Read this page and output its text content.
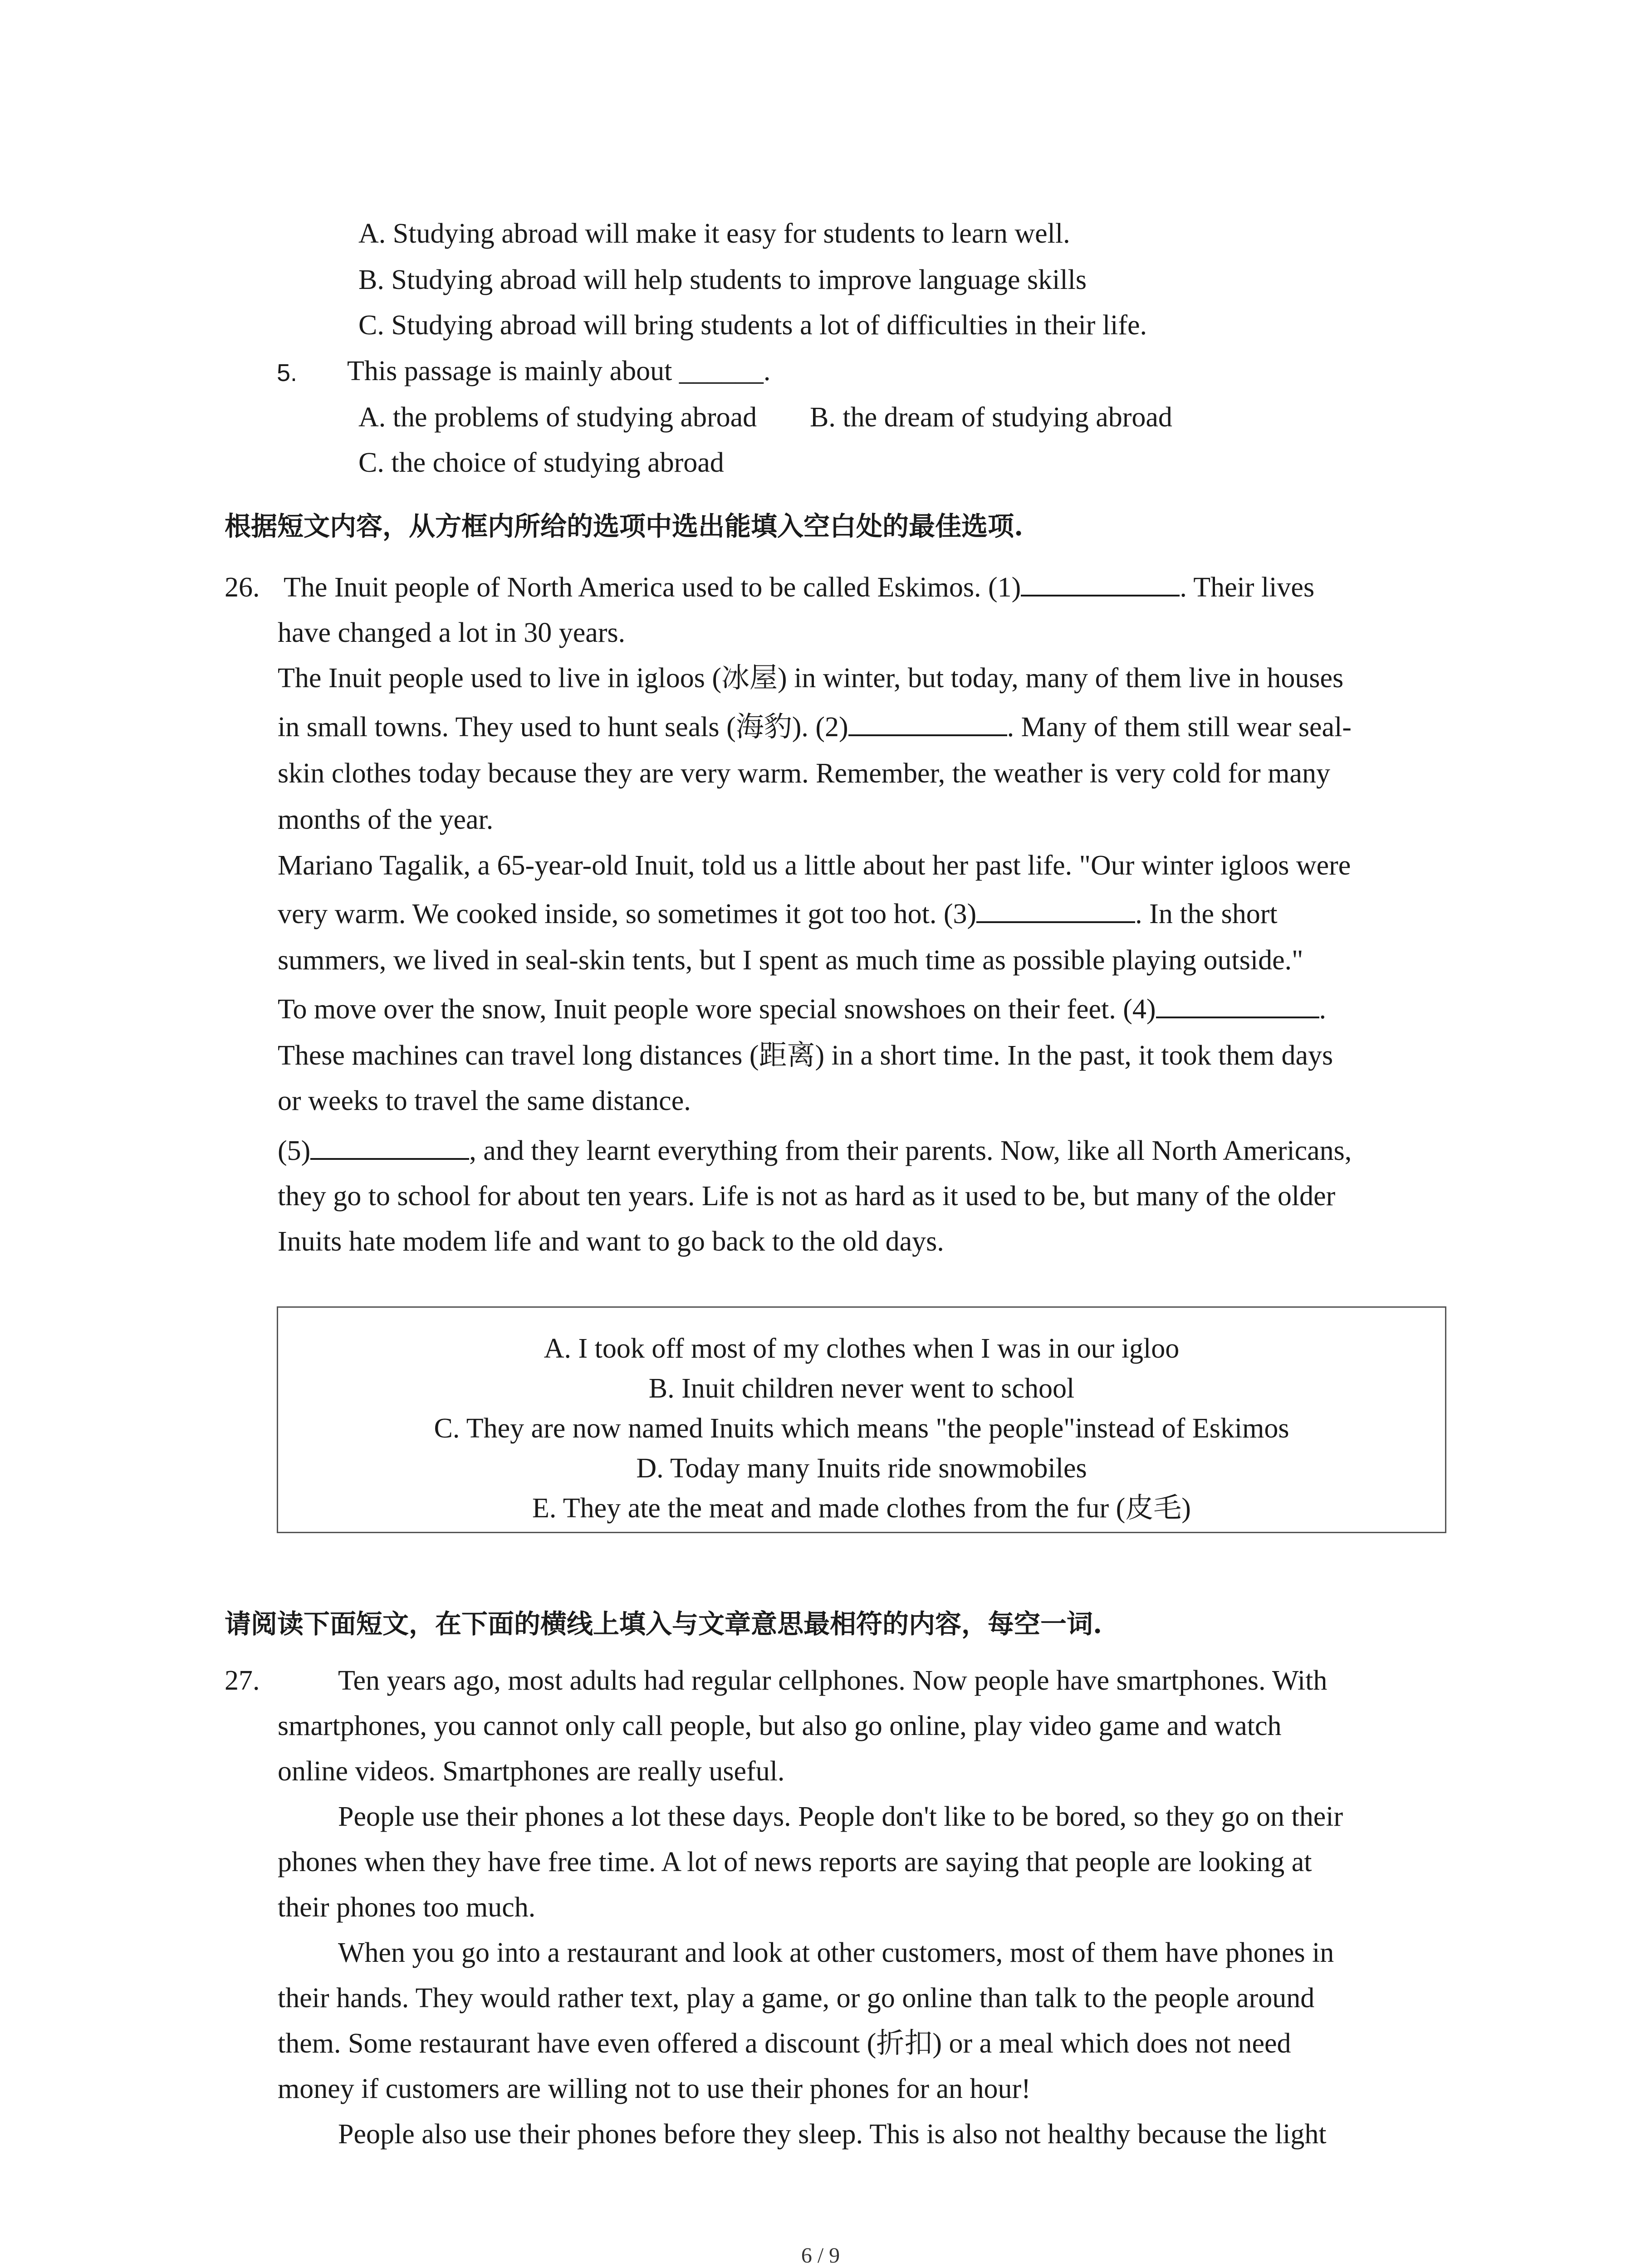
A. Studying abroad will make it easy for students to learn well.
B. Studying abroad will help students to improve language skills
C. Studying abroad will bring students a lot of difficulties in their life.
5. This passage is mainly about ______.
A. the problems of studying abroad B. the dream of studying abroad
C. the choice of studying abroad
根据短文内容，从方框内所给的选项中选出能填入空白处的最佳选项.
26. The Inuit people of North America used to be called Eskimos. (1)	. Their lives
have changed a lot in 30 years.
The Inuit people used to live in igloos (冰屋) in winter, but today, many of them live in houses
in small towns. They used to hunt seals (海豹). (2)	. Many of them still wear seal-
skin clothes today because they are very warm. Remember, the weather is very cold for many
months of the year.
Mariano Tagalik, a 65-year-old Inuit, told us a little about her past life. "Our winter igloos were
very warm. We cooked inside, so sometimes it got too hot. (3)	. In the short
summers, we lived in seal-skin tents, but I spent as much time as possible playing outside."
To move over the snow, Inuit people wore special snowshoes on their feet. (4)	.
These machines can travel long distances (距离) in a short time. In the past, it took them days
or weeks to travel the same distance.
(5)	, and they learnt everything from their parents. Now, like all North Americans,
they go to school for about ten years. Life is not as hard as it used to be, but many of the older
Inuits hate modem life and want to go back to the old days.
A. I took off most of my clothes when I was in our igloo
B. Inuit children never went to school
C. They are now named Inuits which means "the people"instead of Eskimos
D. Today many Inuits ride snowmobiles
E. They ate the meat and made clothes from the fur (皮毛)
请阅读下面短文，在下面的横线上填入与文章意思最相符的内容，每空一词.
27.	Ten years ago, most adults had regular cellphones. Now people have smartphones. With
smartphones, you cannot only call people, but also go online, play video game and watch
online videos. Smartphones are really useful.
People use their phones a lot these days. People don't like to be bored, so they go on their
phones when they have free time. A lot of news reports are saying that people are looking at
their phones too much.
When you go into a restaurant and look at other customers, most of them have phones in
their hands. They would rather text, play a game, or go online than talk to the people around
them. Some restaurant have even offered a discount (折扣) or a meal which does not need
money if customers are willing not to use their phones for an hour!
People also use their phones before they sleep. This is also not healthy because the light
6 / 9
